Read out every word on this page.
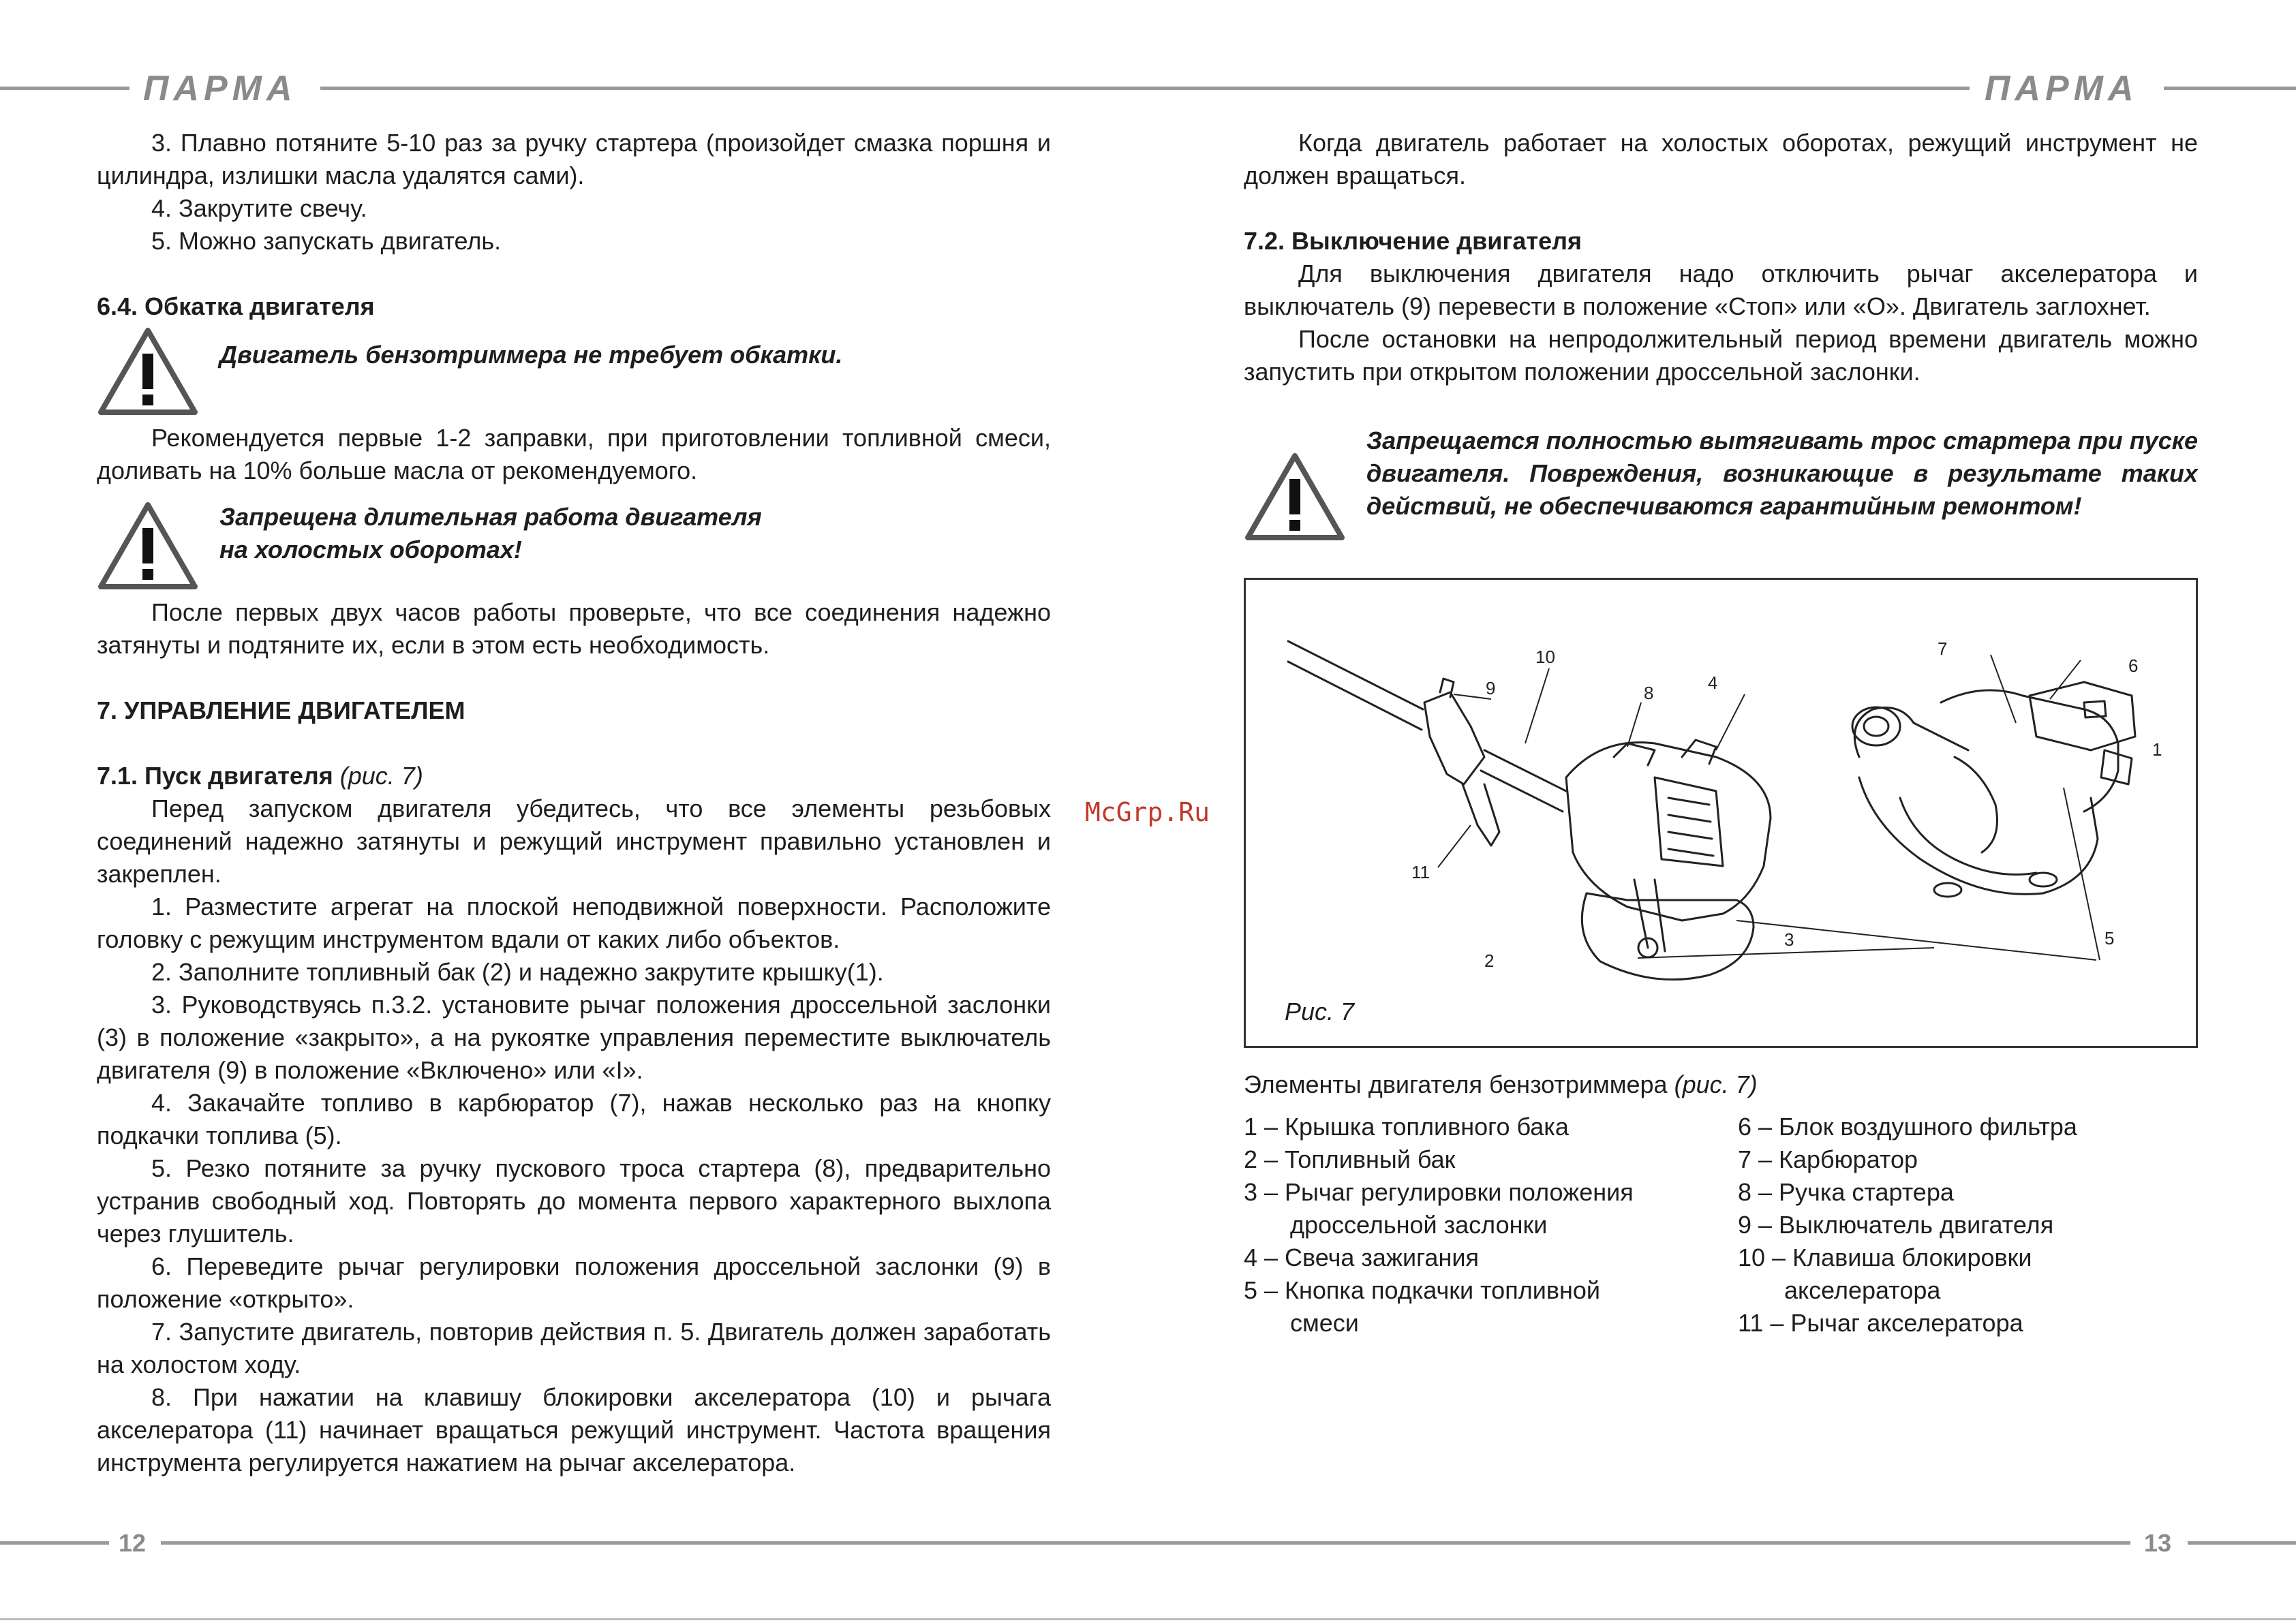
ПАРМА	ПАРМА

3. Плавно потяните 5-10 раз за ручку стартера (произойдет смазка поршня и цилиндра, излишки масла удалятся сами).

4. Закрутите свечу.

5. Можно запускать двигатель.

6.4. Обкатка двигателя

Двигатель бензотриммера не требует обкатки.

Рекомендуется первые 1-2 заправки, при приготовлении топливной смеси, доливать на 10% больше масла от рекомендуемого.

Запрещена длительная работа двигателя
на холостых оборотах!

После первых двух часов работы проверьте, что все соединения надежно затянуты и подтяните их, если в этом есть необходимость.

7. УПРАВЛЕНИЕ ДВИГАТЕЛЕМ

7.1. Пуск двигателя (рис. 7)

Перед запуском двигателя убедитесь, что все элементы резьбовых соединений надежно затянуты и режущий инструмент правильно установлен и закреплен.

1. Разместите агрегат на плоской неподвижной поверхности. Расположите головку с режущим инструментом вдали от каких либо объектов.

2. Заполните топливный бак (2) и надежно закрутите крышку(1).

3. Руководствуясь п.3.2. установите рычаг положения дроссельной заслонки (3) в положение «закрыто», а на рукоятке управления переместите выключатель двигателя (9) в положение «Включено» или «I».

4. Закачайте топливо в карбюратор (7), нажав несколько раз на кнопку подкачки топлива (5).

5. Резко потяните за ручку пускового троса стартера (8), предварительно устранив свободный ход. Повторять до момента первого характерного выхлопа через глушитель.

6. Переведите рычаг регулировки положения дроссельной заслонки (9) в положение «открыто».

7. Запустите двигатель, повторив действия п. 5. Двигатель должен заработать на холостом ходу.

8. При нажатии на клавишу блокировки акселератора (10) и рычага акселератора (11) начинает вращаться режущий инструмент. Частота вращения инструмента регулируется нажатием на рычаг акселератора.

McGrp.Ru

Когда двигатель работает на холостых оборотах, режущий инструмент не должен вращаться.

7.2. Выключение двигателя

Для выключения двигателя надо отключить рычаг акселератора и выключатель (9) перевести в положение «Стоп» или «О». Двигатель заглохнет.

После остановки на непродолжительный период времени двигатель можно запустить при открытом положении дроссельной заслонки.

Запрещается полностью вытягивать трос стартера при пуске двигателя. Повреждения, возникающие в результате таких действий, не обеспечиваются гарантийным ремонтом!
1
2
3
4
5
6
7
8
9
10
11
Рис. 7

Элементы двигателя бензотриммера (рис. 7)

1 – Крышка топливного бака
2 – Топливный бак
3 – Рычаг регулировки положения
дроссельной заслонки
4 – Свеча зажигания
5 – Кнопка подкачки топливной
смеси
6 – Блок воздушного фильтра
7 – Карбюратор
8 – Ручка стартера
9 – Выключатель двигателя
10 – Клавиша блокировки
акселератора
11 – Рычаг акселератора
12	13
